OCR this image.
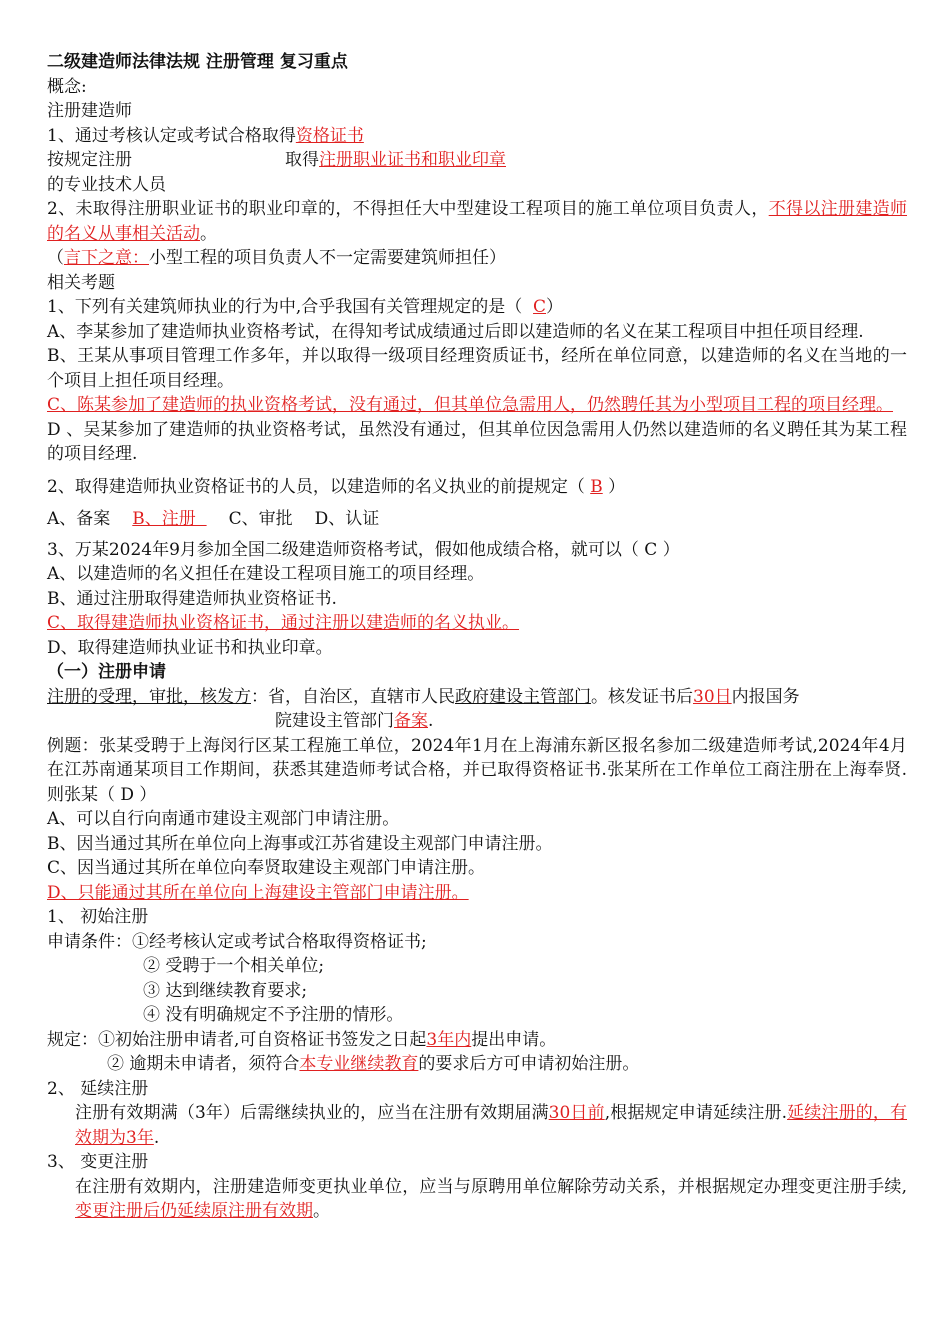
二级建造师法律法规 注册管理 复习重点
概念:
注册建造师
1、通过考核认定或考试合格取得资格证书
按规定注册	取得注册职业证书和职业印章
的专业技术人员
2、未取得注册职业证书的职业印章的，不得担任大中型建设工程项目的施工单位项目负责人，不得以注册建造师的名义从事相关活动。
（言下之意：小型工程的项目负责人不一定需要建筑师担任）
相关考题
1、下列有关建筑师执业的行为中,合乎我国有关管理规定的是（  C）
A、李某参加了建造师执业资格考试，在得知考试成绩通过后即以建造师的名义在某工程项目中担任项目经理.
B、王某从事项目管理工作多年，并以取得一级项目经理资质证书，经所在单位同意，以建造师的名义在当地的一个项目上担任项目经理。
C、陈某参加了建造师的执业资格考试，没有通过，但其单位急需用人，仍然聘任其为小型项目工程的项目经理。
D 、吴某参加了建造师的执业资格考试，虽然没有通过，但其单位因急需用人仍然以建造师的名义聘任其为某工程的项目经理.
2、取得建造师执业资格证书的人员，以建造师的名义执业的前提规定（ B ）
A、备案 B、注册  C、审批 D、认证
3、万某2024年9月参加全国二级建造师资格考试，假如他成绩合格，就可以（ C ）
A、以建造师的名义担任在建设工程项目施工的项目经理。
B、通过注册取得建造师执业资格证书.
C、取得建造师执业资格证书，通过注册以建造师的名义执业。
D、取得建造师执业证书和执业印章。
（一）注册申请
注册的受理，审批，核发方：省，自治区，直辖市人民政府建设主管部门。核发证书后30日内报国务
院建设主管部门备案.
例题：张某受聘于上海闵行区某工程施工单位，2024年1月在上海浦东新区报名参加二级建造师考试,2024年4月在江苏南通某项目工作期间，获悉其建造师考试合格，并已取得资格证书.张某所在工作单位工商注册在上海奉贤.则张某（ D ）
A、可以自行向南通市建设主观部门申请注册。
B、因当通过其所在单位向上海事或江苏省建设主观部门申请注册。
C、因当通过其所在单位向奉贤取建设主观部门申请注册。
D、只能通过其所在单位向上海建设主管部门申请注册。
1、 初始注册
申请条件：①经考核认定或考试合格取得资格证书;
② 受聘于一个相关单位;
③ 达到继续教育要求;
④ 没有明确规定不予注册的情形。
规定：①初始注册申请者,可自资格证书签发之日起3年内提出申请。
② 逾期未申请者，须符合本专业继续教育的要求后方可申请初始注册。
2、 延续注册
注册有效期满（3年）后需继续执业的，应当在注册有效期届满30日前,根据规定申请延续注册.延续注册的，有效期为3年.
3、 变更注册
在注册有效期内，注册建造师变更执业单位，应当与原聘用单位解除劳动关系，并根据规定办理变更注册手续,变更注册后仍延续原注册有效期。
